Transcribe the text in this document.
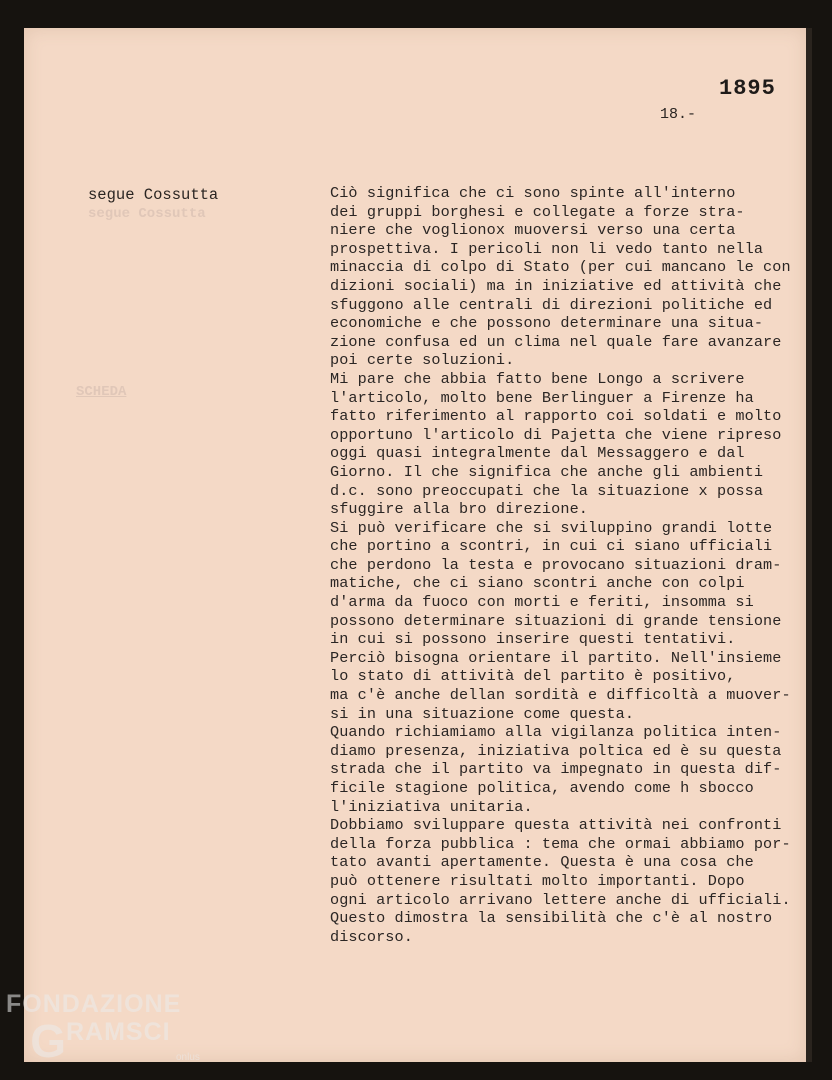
1895
18.-
segue Cossutta
SCHEDA
segue Cossutta	Ciò significa che ci sono spinte all'interno
dei gruppi borghesi e collegate a forze stra-
niere che voglionox muoversi verso una certa
prospettiva. I pericoli non li vedo tanto nella
minaccia di colpo di Stato (per cui mancano le con
dizioni sociali) ma in iniziative ed attività che
sfuggono alle centrali di direzioni politiche ed
economiche e che possono determinare una situa-
zione confusa ed un clima nel quale fare avanzare
poi certe soluzioni.
Mi pare che abbia fatto bene Longo a scrivere
l'articolo, molto bene Berlinguer a Firenze ha
fatto riferimento al rapporto coi soldati e molto
opportuno l'articolo di Pajetta che viene ripreso
oggi quasi integralmente dal Messaggero e dal
Giorno. Il che significa che anche gli ambienti
d.c. sono preoccupati che la situazione x possa
sfuggire alla bro direzione.
Si può verificare che si sviluppino grandi lotte
che portino a scontri, in cui ci siano ufficiali
che perdono la testa e provocano situazioni dram-
matiche, che ci siano scontri anche con colpi
d'arma da fuoco con morti e feriti, insomma si
possono determinare situazioni di grande tensione
in cui si possono inserire questi tentativi.
Perciò bisogna orientare il partito. Nell'insieme
lo stato di attività del partito è positivo,
ma c'è anche dellan sordità e difficoltà a muover-
si in una situazione come questa.
Quando richiamiamo alla vigilanza politica inten-
diamo presenza, iniziativa poltica ed è su questa
strada che il partito va impegnato in questa dif-
ficile stagione politica, avendo come h sbocco
l'iniziativa unitaria.
Dobbiamo sviluppare questa attività nei confronti
della forza pubblica : tema che ormai abbiamo por-
tato avanti apertamente. Questa è una cosa che
può ottenere risultati molto importanti. Dopo
ogni articolo arrivano lettere anche di ufficiali.
Questo dimostra la sensibilità che c'è al nostro
discorso.
FONDAZIONE
G RAMSCI
onlus
